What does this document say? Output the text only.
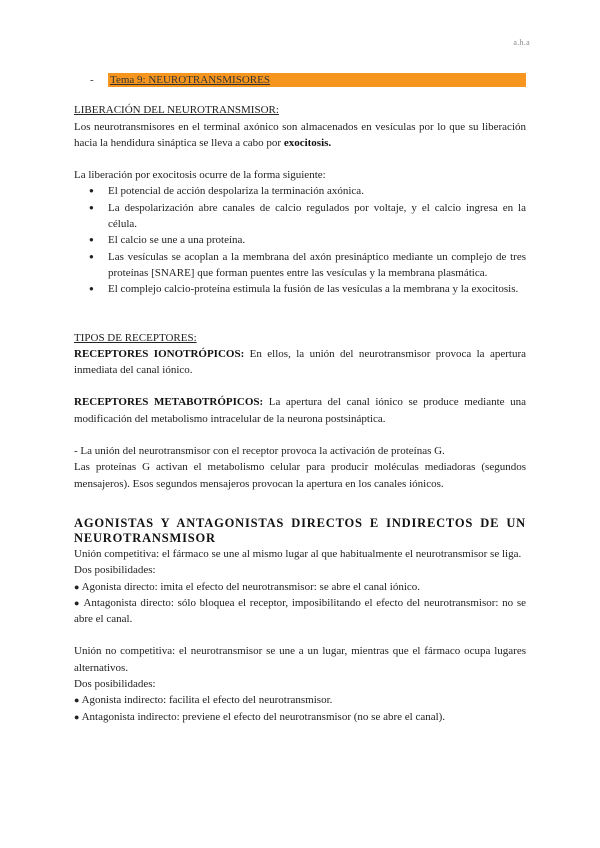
a.h.a
-	Tema 9: NEUROTRANSMISORES

LIBERACIÓN DEL NEUROTRANSMISOR:

Los neurotransmisores en el terminal axónico son almacenados en vesículas por lo que su liberación hacia la hendidura sináptica se lleva a cabo por exocitosis.

La liberación por exocitosis ocurre de la forma siguiente:

● El potencial de acción despolariza la terminación axónica.
● La despolarización abre canales de calcio regulados por voltaje, y el calcio ingresa en la célula.
● El calcio se une a una proteína.
● Las vesículas se acoplan a la membrana del axón presináptico mediante un complejo de tres proteínas [SNARE] que forman puentes entre las vesículas y la membrana plasmática.
● El complejo calcio-proteína estimula la fusión de las vesículas a la membrana y la exocitosis.

TIPOS DE RECEPTORES:

RECEPTORES IONOTRÓPICOS: En ellos, la unión del neurotransmisor provoca la apertura inmediata del canal iónico.

RECEPTORES METABOTRÓPICOS: La apertura del canal iónico se produce mediante una modificación del metabolismo intracelular de la neurona postsináptica.

- La unión del neurotransmisor con el receptor provoca la activación de proteínas G.

Las proteínas G activan el metabolismo celular para producir moléculas mediadoras (segundos mensajeros). Esos segundos mensajeros provocan la apertura en los canales iónicos.

AGONISTAS Y ANTAGONISTAS DIRECTOS E INDIRECTOS DE UN NEUROTRANSMISOR

Unión competitiva: el fármaco se une al mismo lugar al que habitualmente el neurotransmisor se liga.

Dos posibilidades:

● Agonista directo: imita el efecto del neurotransmisor: se abre el canal iónico.

● Antagonista directo: sólo bloquea el receptor, imposibilitando el efecto del neurotransmisor: no se abre el canal.

Unión no competitiva: el neurotransmisor se une a un lugar, mientras que el fármaco ocupa lugares alternativos.

Dos posibilidades:

● Agonista indirecto: facilita el efecto del neurotransmisor.

● Antagonista indirecto: previene el efecto del neurotransmisor (no se abre el canal).
